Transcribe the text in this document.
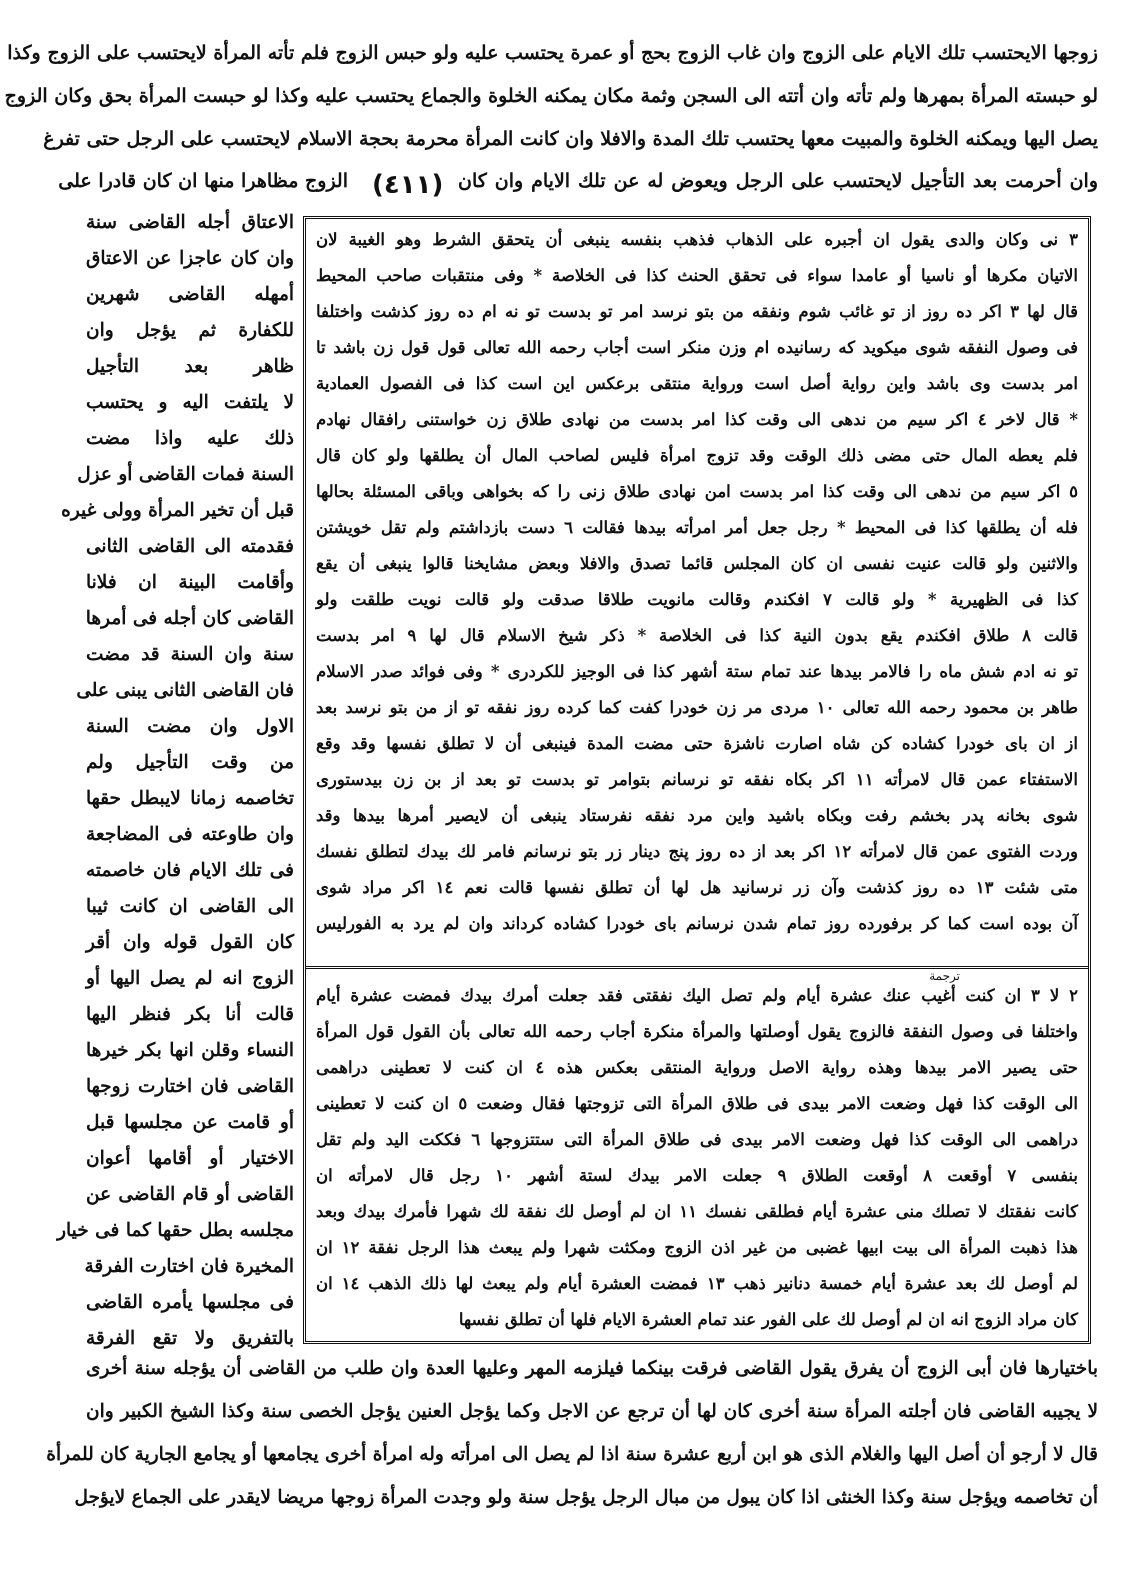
زوجها الايحتسب تلك الايام على الزوج وان غاب الزوج بحج أو عمرة يحتسب عليه ولو حبس الزوج فلم تأته المرأة لايحتسب على الزوج وكذا
لو حبسته المرأة بمهرها ولم تأته وان أتته الى السجن وثمة مكان يمكنه الخلوة والجماع يحتسب عليه وكذا لو حبست المرأة بحق وكان الزوج
يصل اليها ويمكنه الخلوة والمبيت معها يحتسب تلك المدة والافلا وان كانت المرأة محرمة بحجة الاسلام لايحتسب على الرجل حتى تفرغ
وان أحرمت بعد التأجيل لايحتسب على الرجل ويعوض له عن تلك الايام وان كان
(٤١١)
الزوج مظاهرا منها ان كان قادرا على
الاعتاق أجله القاضى سنة
وان كان عاجزا عن الاعتاق
أمهله القاضى شهرين
للكفارة ثم يؤجل وان
ظاهر بعد التأجيل
لا يلتفت اليه و يحتسب
ذلك عليه واذا مضت
السنة فمات القاضى أو عزل
قبل أن تخير المرأة وولى غيره
فقدمته الى القاضى الثانى
وأقامت البينة ان فلانا
القاضى كان أجله فى أمرها
سنة وان السنة قد مضت
فان القاضى الثانى يبنى على
الاول وان مضت السنة
من وقت التأجيل ولم
تخاصمه زمانا لايبطل حقها
وان طاوعته فى المضاجعة
فى تلك الايام فان خاصمته
الى القاضى ان كانت ثيبا
كان القول قوله وان أقر
الزوج انه لم يصل اليها أو
قالت أنا بكر فنظر اليها
النساء وقلن انها بكر خيرها
القاضى فان اختارت زوجها
أو قامت عن مجلسها قبل
الاختيار أو أقامها أعوان
القاضى أو قام القاضى عن
مجلسه بطل حقها كما فى خيار
المخيرة فان اختارت الفرقة
فى مجلسها يأمره القاضى
بالتفريق ولا تقع الفرقة
٣ نى وكان والدى يقول ان أجبره على الذهاب فذهب بنفسه ينبغى أن يتحقق الشرط وهو الغيبة لان
الاتيان مكرها أو ناسيا أو عامدا سواء فى تحقق الحنث كذا فى الخلاصة * وفى منتقبات صاحب المحيط
قال لها ٣ اكر ده روز از تو غائب شوم ونفقه من بتو نرسد امر تو بدست تو نه ام ده روز كذشت واختلفا
فى وصول النفقه شوى ميكويد كه رسانيده ام وزن منكر است أجاب رحمه الله تعالى قول قول زن باشد تا
امر بدست وى باشد واين رواية أصل است ورواية منتقى برعكس اين است كذا فى الفصول العمادية
* قال لاخر ٤ اكر سيم من ندهى الى وقت كذا امر بدست من نهادى طلاق زن خواستنى رافقال نهادم
فلم يعطه المال حتى مضى ذلك الوقت وقد تزوج امرأة فليس لصاحب المال أن يطلقها ولو كان قال
٥ اكر سيم من ندهى الى وقت كذا امر بدست امن نهادى طلاق زنى را كه بخواهى وباقى المسئلة بحالها
فله أن يطلقها كذا فى المحيط * رجل جعل أمر امرأته بيدها فقالت ٦ دست بازداشتم ولم تقل خويشتن
والاثنين ولو قالت عنيت نفسى ان كان المجلس قائما تصدق والافلا وبعض مشايخنا قالوا ينبغى أن يقع
كذا فى الظهيرية * ولو قالت ٧ افكندم وقالت مانويت طلاقا صدقت ولو قالت نويت طلقت ولو
قالت ٨ طلاق افكندم يقع بدون النية كذا فى الخلاصة * ذكر شيخ الاسلام قال لها ٩ امر بدست
تو نه ادم شش ماه را فالامر بيدها عند تمام ستة أشهر كذا فى الوجيز للكردرى * وفى فوائد صدر الاسلام
طاهر بن محمود رحمه الله تعالى ١٠ مردى مر زن خودرا كفت كما كرده روز نفقه تو از من بتو نرسد بعد
از ان باى خودرا كشاده كن شاه اصارت ناشزة حتى مضت المدة فينبغى أن لا تطلق نفسها وقد وقع
الاستفتاء عمن قال لامرأته ١١ اكر بكاه نفقه تو نرسانم بتوامر تو بدست تو بعد از بن زن بيدستورى
شوى بخانه پدر بخشم رفت وبكاه باشيد واين مرد نفقه نفرستاد ينبغى أن لايصير أمرها بيدها وقد
وردت الفتوى عمن قال لامرأته ١٢ اكر بعد از ده روز پنج دينار زر بتو نرسانم فامر لك بيدك لتطلق نفسك
متى شئت ١٣ ده روز كذشت وآن زر نرسانيد هل لها أن تطلق نفسها قالت نعم ١٤ اكر مراد شوى
آن بوده است كما كر برفورده روز تمام شدن نرسانم باى خودرا كشاده كرداند وان لم يرد به الفورليس
ترجمة
٢ لا ٣ ان كنت أغيب عنك عشرة أيام ولم تصل اليك نفقتى فقد جعلت أمرك بيدك فمضت عشرة أيام
واختلفا فى وصول النفقة فالزوج يقول أوصلتها والمرأة منكرة أجاب رحمه الله تعالى بأن القول قول المرأة
حتى يصير الامر بيدها وهذه رواية الاصل ورواية المنتقى بعكس هذه ٤ ان كنت لا تعطينى دراهمى
الى الوقت كذا فهل وضعت الامر بيدى فى طلاق المرأة التى تزوجتها فقال وضعت ٥ ان كنت لا تعطينى
دراهمى الى الوقت كذا فهل وضعت الامر بيدى فى طلاق المرأة التى ستتزوجها ٦ فككت اليد ولم تقل
بنفسى ٧ أوقعت ٨ أوقعت الطلاق ٩ جعلت الامر بيدك لستة أشهر ١٠ رجل قال لامرأته ان
كانت نفقتك لا تصلك منى عشرة أيام فطلقى نفسك ١١ ان لم أوصل لك نفقة لك شهرا فأمرك بيدك وبعد
هذا ذهبت المرأة الى بيت ابيها غضبى من غير اذن الزوج ومكثت شهرا ولم يبعث هذا الرجل نفقة ١٢ ان
لم أوصل لك بعد عشرة أيام خمسة دنانير ذهب ١٣ فمضت العشرة أيام ولم يبعث لها ذلك الذهب ١٤ ان
كان مراد الزوج انه ان لم أوصل لك على الفور عند تمام العشرة الايام فلها أن تطلق نفسها
باختيارها فان أبى الزوج أن يفرق يقول القاضى فرقت بينكما فيلزمه المهر وعليها العدة وان طلب من القاضى أن يؤجله سنة أخرى
لا يجيبه القاضى فان أجلته المرأة سنة أخرى كان لها أن ترجع عن الاجل وكما يؤجل العنين يؤجل الخصى سنة وكذا الشيخ الكبير وان
قال لا أرجو أن أصل اليها والغلام الذى هو ابن أربع عشرة سنة اذا لم يصل الى امرأته وله امرأة أخرى يجامعها أو يجامع الجارية كان للمرأة
أن تخاصمه ويؤجل سنة وكذا الخنثى اذا كان يبول من مبال الرجل يؤجل سنة ولو وجدت المرأة زوجها مريضا لايقدر على الجماع لايؤجل
